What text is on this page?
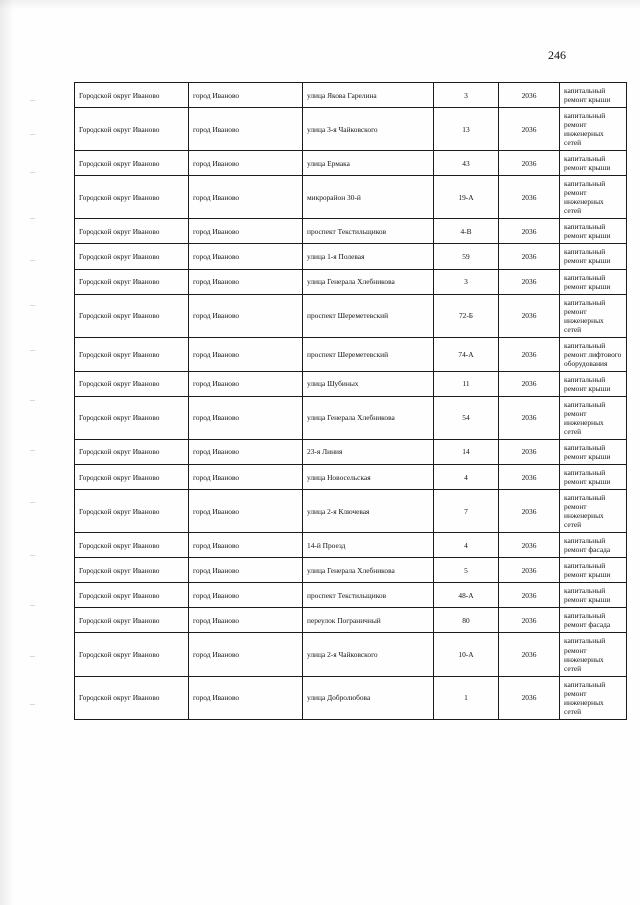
246
Городской округ Иваново	город Иваново	улица Якова Гарелина	3	2036	капитальный ремонт крыши
Городской округ Иваново	город Иваново	улица 3-я Чайковского	13	2036	капитальный ремонт инженерных сетей
Городской округ Иваново	город Иваново	улица Ермака	43	2036	капитальный ремонт крыши
Городской округ Иваново	город Иваново	микрорайон 30-й	19-А	2036	капитальный ремонт инженерных сетей
Городской округ Иваново	город Иваново	проспект Текстильщиков	4-В	2036	капитальный ремонт крыши
Городской округ Иваново	город Иваново	улица 1-я Полевая	59	2036	капитальный ремонт крыши
Городской округ Иваново	город Иваново	улица Генерала Хлебникова	3	2036	капитальный ремонт крыши
Городской округ Иваново	город Иваново	проспект Шереметевский	72-Б	2036	капитальный ремонт инженерных сетей
Городской округ Иваново	город Иваново	проспект Шереметевский	74-А	2036	капитальный ремонт лифтового оборудования
Городской округ Иваново	город Иваново	улица Шубиных	11	2036	капитальный ремонт крыши
Городской округ Иваново	город Иваново	улица Генерала Хлебникова	54	2036	капитальный ремонт инженерных сетей
Городской округ Иваново	город Иваново	23-я Линия	14	2036	капитальный ремонт крыши
Городской округ Иваново	город Иваново	улица Новосельская	4	2036	капитальный ремонт крыши
Городской округ Иваново	город Иваново	улица 2-я Ключевая	7	2036	капитальный ремонт инженерных сетей
Городской округ Иваново	город Иваново	14-й Проезд	4	2036	капитальный ремонт фасада
Городской округ Иваново	город Иваново	улица Генерала Хлебникова	5	2036	капитальный ремонт крыши
Городской округ Иваново	город Иваново	проспект Текстильщиков	48-А	2036	капитальный ремонт крыши
Городской округ Иваново	город Иваново	переулок Пограничный	80	2036	капитальный ремонт фасада
Городской округ Иваново	город Иваново	улица 2-я Чайковского	10-А	2036	капитальный ремонт инженерных сетей
Городской округ Иваново	город Иваново	улица Добролюбова	1	2036	капитальный ремонт инженерных сетей
